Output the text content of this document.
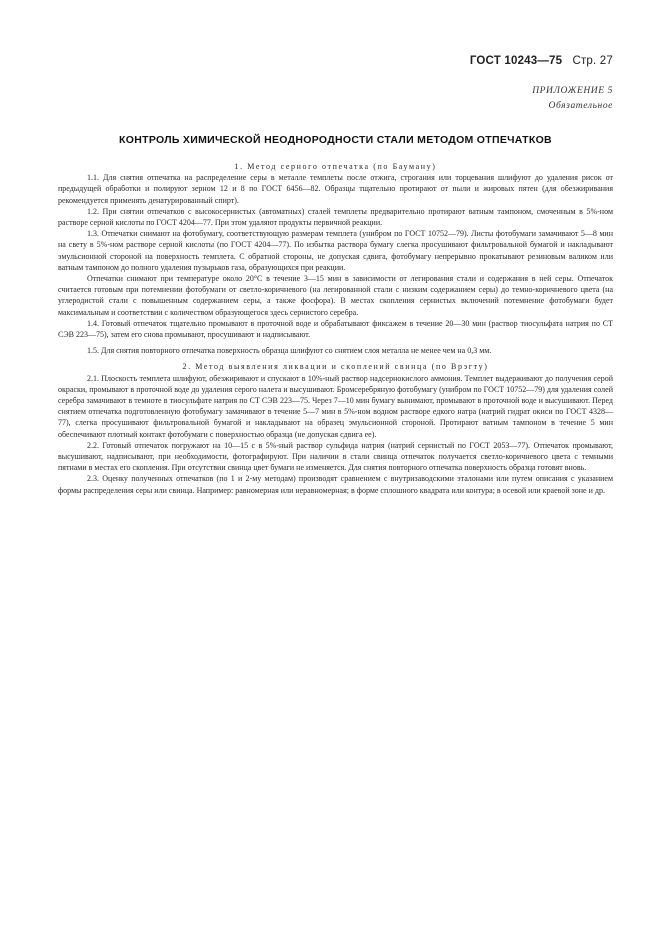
ГОСТ 10243—75 Стр. 27
ПРИЛОЖЕНИЕ 5
Обязательное
КОНТРОЛЬ ХИМИЧЕСКОЙ НЕОДНОРОДНОСТИ СТАЛИ МЕТОДОМ ОТПЕЧАТКОВ

1. Метод серного отпечатка (по Бауману)

1.1. Для снятия отпечатка на распределение серы в металле темплеты после отжига, строгания или торцевания шлифуют до удаления рисок от предыдущей обработки и полируют зерном 12 и 8 по ГОСТ 6456—82. Образцы тщательно протирают от пыли и жировых пятен (для обезжиривания рекомендуется применять денатурированный спирт).

1.2. При снятии отпечатков с высокосернистых (автоматных) сталей темплеты предварительно протирают ватным тампоном, смоченным в 5%-ном растворе серной кислоты по ГОСТ 4204—77. При этом удаляют продукты первичной реакции.

1.3. Отпечатки снимают на фотобумагу, соответствующую размерам темплета (унибром по ГОСТ 10752—79). Листы фотобумаги замачивают 5—8 мин на свету в 5%-ном растворе серной кислоты (по ГОСТ 4204—77). По избытка раствора бумагу слегка просушивают фильтровальной бумагой и накладывают эмульсионной стороной на поверхность темплета. С обратной стороны, не допуская сдвига, фотобумагу непрерывно прокатывают резиновым валиком или ватным тампоном до полного удаления пузырьков газа, образующихся при реакции.

Отпечатки снимают при температуре около 20°С в течение 3—15 мин в зависимости от легирования стали и содержания в ней серы. Отпечаток считается готовым при потемнении фотобумаги от светло-коричневого (на легированной стали с низким содержанием серы) до темно-коричневого цвета (на углеродистой стали с повышенным содержанием серы, а также фосфора). В местах скопления сернистых включений потемнение фотобумаги будет максимальным и соответствии с количеством образующегося здесь сернистого серебра.

1.4. Готовый отпечаток тщательно промывают в проточной воде и обрабатывают фиксажем в течение 20—30 мин (раствор тиосульфата натрия по СТ СЭВ 223—75), затем его снова промывают, просушивают и надписывают.

1.5. Для снятия повторного отпечатка поверхность образца шлифуют со снятием слоя металла не менее чем на 0,3 мм.

2. Метод выявления ликвации и скоплений свинца (по Врэгту)

2.1. Плоскость темплета шлифуют, обезжиривают и спускают в 10%-ный раствор надсернокислого аммония. Темплет выдерживают до получения серой окраски, промывают в проточной воде до удаления серого налета и высушивают. Бромсеребряную фотобумагу (унибром по ГОСТ 10752—79) для удаления солей серебра замачивают в темноте в тиосульфате натрия по СТ СЭВ 223—75. Через 7—10 мин бумагу вынимают, промывают в проточной воде и высушивают. Перед снятием отпечатка подготовленную фотобумагу замачивают в течение 5—7 мин в 5%-ном водном растворе едкого натра (натрий гидрат окиси по ГОСТ 4328—77), слегка просушивают фильтровальной бумагой и накладывают на образец эмульсионной стороной. Протирают ватным тампоном в течение 5 мин обеспечивают плотный контакт фотобумаги с поверхностью образца (не допуская сдвига ее).

2.2. Готовый отпечаток погружают на 10—15 с в 5%-ный раствор сульфида натрия (натрий сернистый по ГОСТ 2053—77). Отпечаток промывают, высушивают, надписывают, при необходимости, фотографируют. При наличии в стали свинца отпечаток получается светло-коричневого цвета с темными пятнами в местах его скопления. При отсутствии свинца цвет бумаги не изменяется. Для снятия повторного отпечатка поверхность образца готовят вновь.

2.3. Оценку полученных отпечатков (по 1 и 2-му методам) производят сравнением с внутризаводскими эталонами или путем описания с указанием формы распределения серы или свинца. Например: равномерная или неравномерная; в форме сплошного квадрата или контура; в осевой или краевой зоне и др.
